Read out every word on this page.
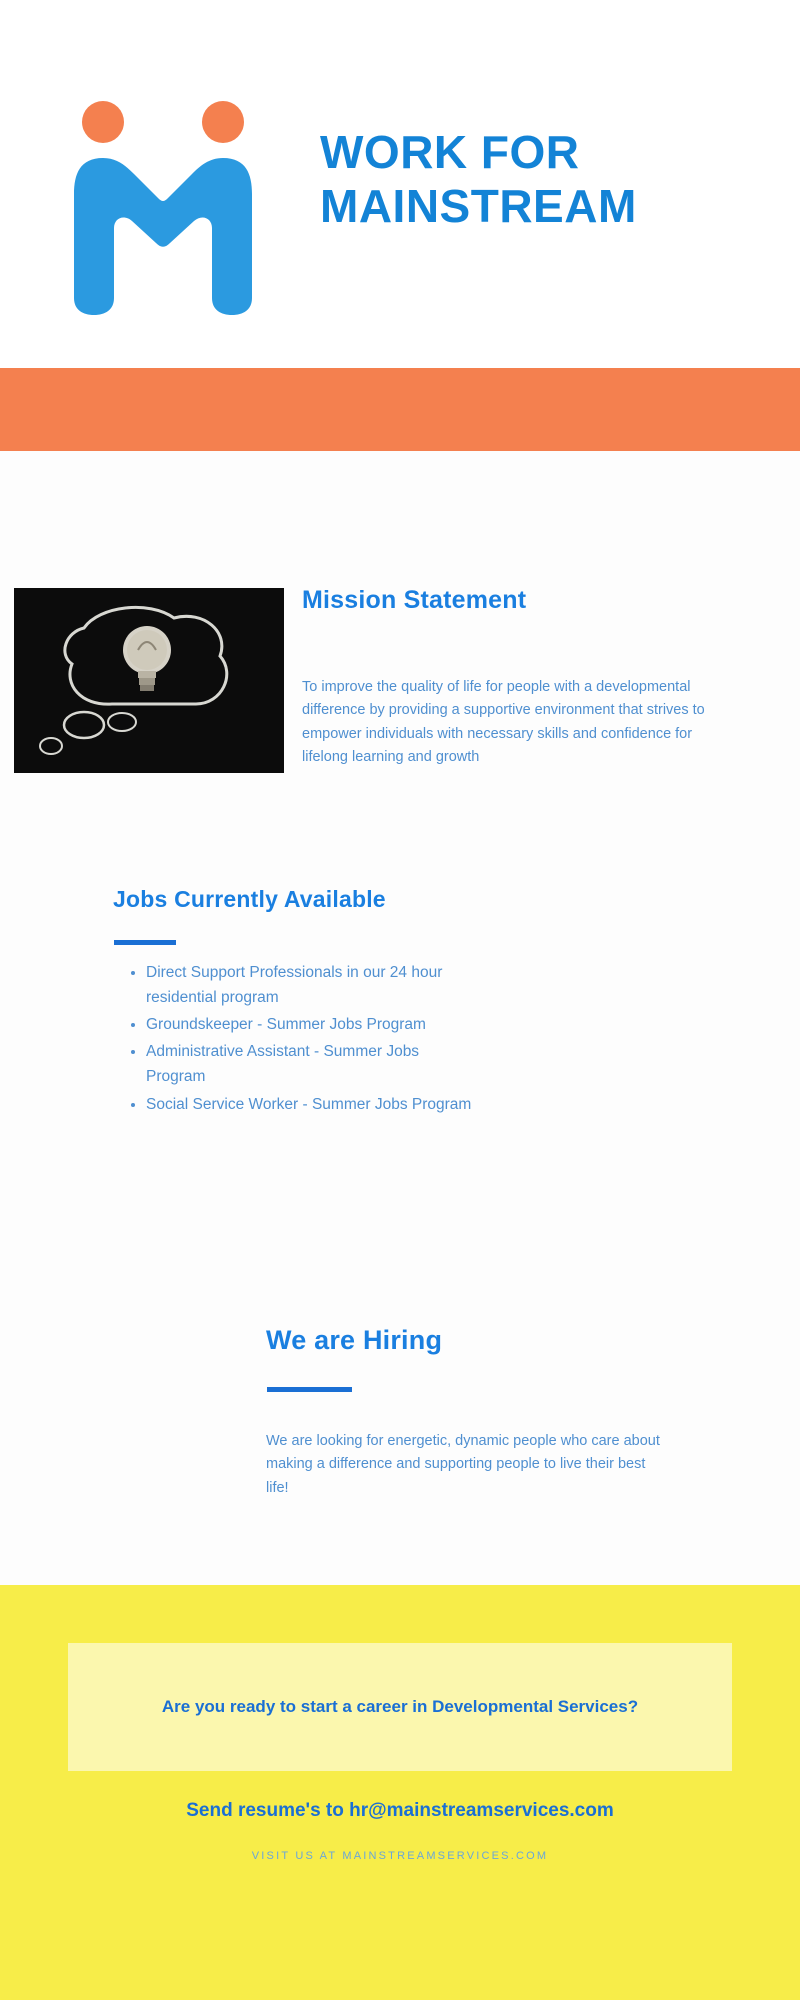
WORK FOR
MAINSTREAM
Mission Statement
To improve the quality of life for people with a developmental difference by providing a supportive environment that strives to empower individuals with necessary skills and confidence for lifelong learning and growth
Jobs Currently Available
• Direct Support Professionals in our 24 hour residential program
• Groundskeeper - Summer Jobs Program
• Administrative Assistant - Summer Jobs Program
• Social Service Worker - Summer Jobs Program
We are Hiring
We are looking for energetic, dynamic people who care about making a difference and supporting people to live their best life!
Are you ready to start a career in Developmental Services?
Send resume's to hr@mainstreamservices.com
VISIT US AT MAINSTREAMSERVICES.COM
